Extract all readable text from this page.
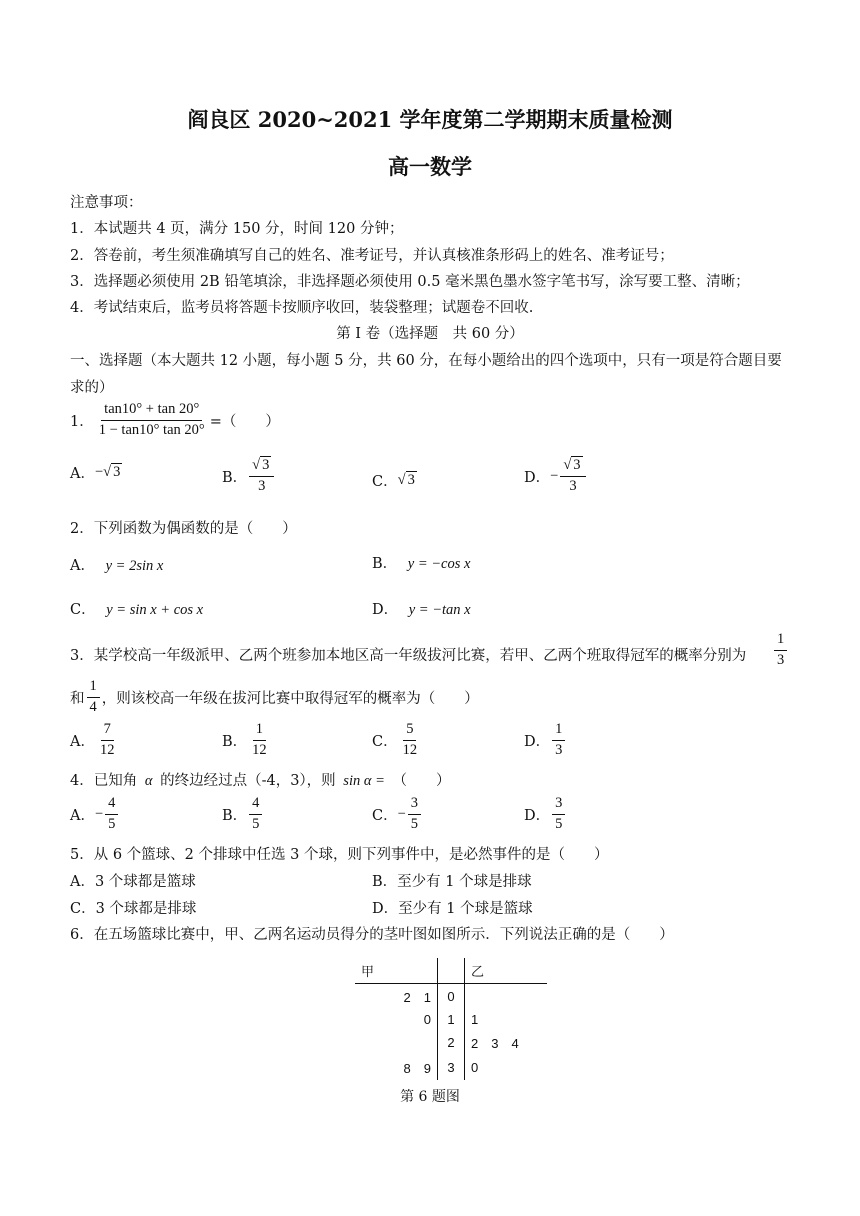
阎良区 2020~2021 学年度第二学期期末质量检测
高一数学
注意事项：
1．本试题共 4 页，满分 150 分，时间 120 分钟；
2．答卷前，考生须准确填写自己的姓名、准考证号，并认真核准条形码上的姓名、准考证号；
3．选择题必须使用 2B 铅笔填涂，非选择题必须使用 0.5 毫米黑色墨水签字笔书写，涂写要工整、清晰；
4．考试结束后，监考员将答题卡按顺序收回，装袋整理；试题卷不回收.
第 I 卷（选择题　共 60 分）
一、选择题（本大题共 12 小题，每小题 5 分，共 60 分，在每小题给出的四个选项中，只有一项是符合题目要
求的）
1． $\frac{\tan 10^\circ + \tan 20^\circ}{1 - \tan 10^\circ \tan 20^\circ}$ =（　　）
A． − √ 3	B． $\frac{√ 3}{3}$	C． √ 3	D． − $\frac{√ 3}{3}$
2．下列函数为偶函数的是（　　）
A． y = 2sin x	B． y = −cos x
C． y = sin x + cos x	D． y = −tan x
3．某学校高一年级派甲、乙两个班参加本地区高一年级拔河比赛，若甲、乙两个班取得冠军的概率分别为 $\frac{1}{3}$
和 $\frac{1}{4}$ ，则该校高一年级在拔河比赛中取得冠军的概率为（　　）
A． $\frac{7}{12}$	B． $\frac{1}{12}$	C． $\frac{5}{12}$	D． $\frac{1}{3}$
4．已知角 α 的终边经过点（-4，3），则 sin α = （　　）
A． − $\frac{4}{5}$	B． $\frac{4}{5}$	C． − $\frac{3}{5}$	D． $\frac{3}{5}$
5．从 6 个篮球、2 个排球中任选 3 个球，则下列事件中，是必然事件的是（　　）
A．3 个球都是篮球	B．至少有 1 个球是排球
C．3 个球都是排球	D．至少有 1 个球是篮球
6．在五场篮球比赛中，甲、乙两名运动员得分的茎叶图如图所示．下列说法正确的是（　　）
甲		乙
2　1	0	
0	1	1
	2	2　3　4
8　9	3	0
第 6 题图
